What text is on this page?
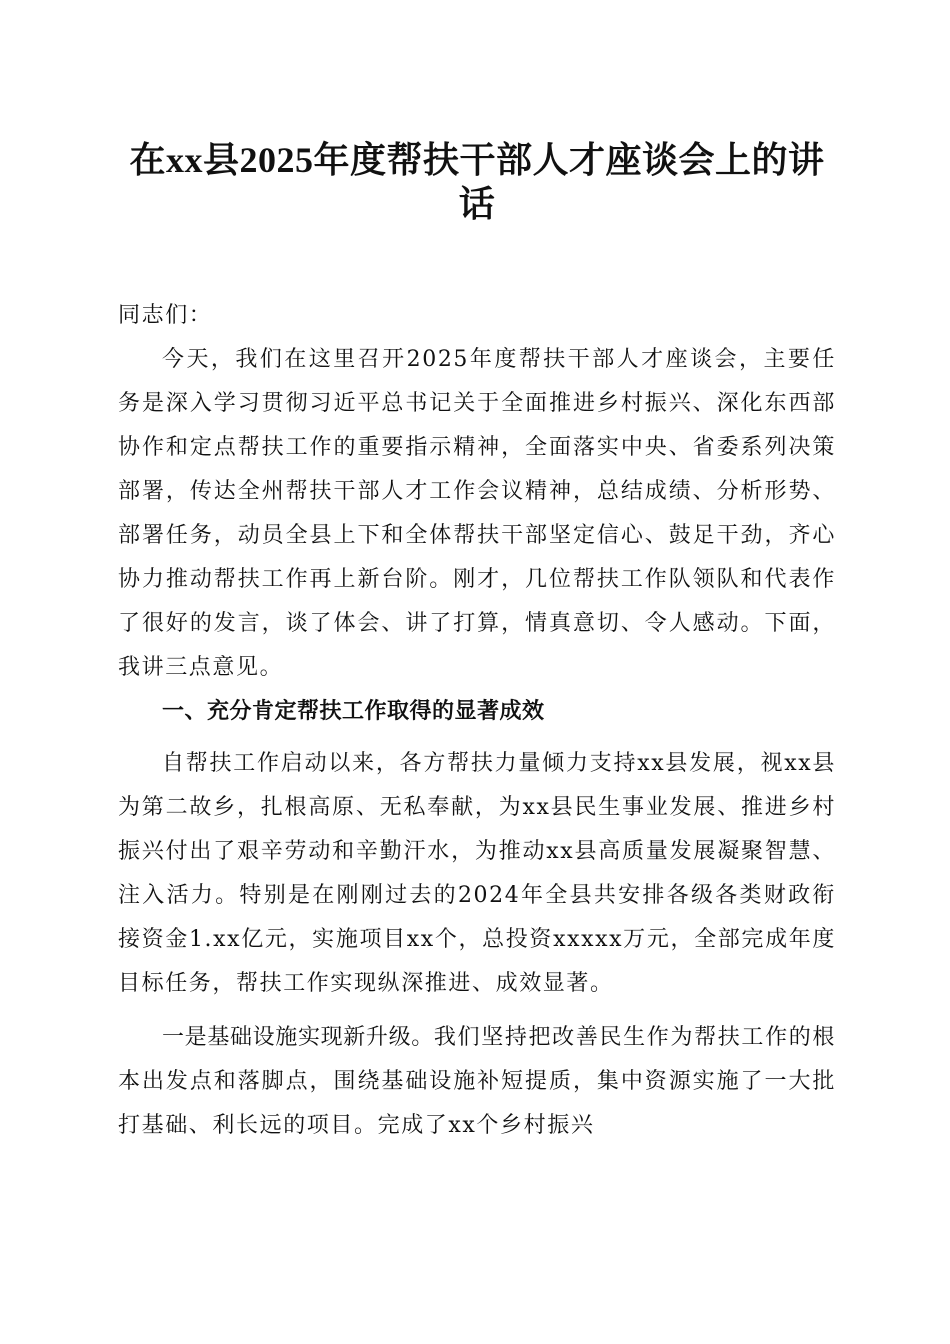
在xx县2025年度帮扶干部人才座谈会上的讲
话

同志们：

今天，我们在这里召开2025年度帮扶干部人才座谈会，主要任务是深入学习贯彻习近平总书记关于全面推进乡村振兴、深化东西部协作和定点帮扶工作的重要指示精神，全面落实中央、省委系列决策部署，传达全州帮扶干部人才工作会议精神，总结成绩、分析形势、部署任务，动员全县上下和全体帮扶干部坚定信心、鼓足干劲，齐心协力推动帮扶工作再上新台阶。刚才，几位帮扶工作队领队和代表作了很好的发言，谈了体会、讲了打算，情真意切、令人感动。下面，我讲三点意见。

一、充分肯定帮扶工作取得的显著成效

自帮扶工作启动以来，各方帮扶力量倾力支持xx县发展，视xx县为第二故乡，扎根高原、无私奉献，为xx县民生事业发展、推进乡村振兴付出了艰辛劳动和辛勤汗水，为推动xx县高质量发展凝聚智慧、注入活力。特别是在刚刚过去的2024年全县共安排各级各类财政衔接资金1.xx亿元，实施项目xx个，总投资xxxxx万元，全部完成年度目标任务，帮扶工作实现纵深推进、成效显著。

一是基础设施实现新升级。我们坚持把改善民生作为帮扶工作的根本出发点和落脚点，围绕基础设施补短提质，集中资源实施了一大批打基础、利长远的项目。完成了xx个乡村振兴
